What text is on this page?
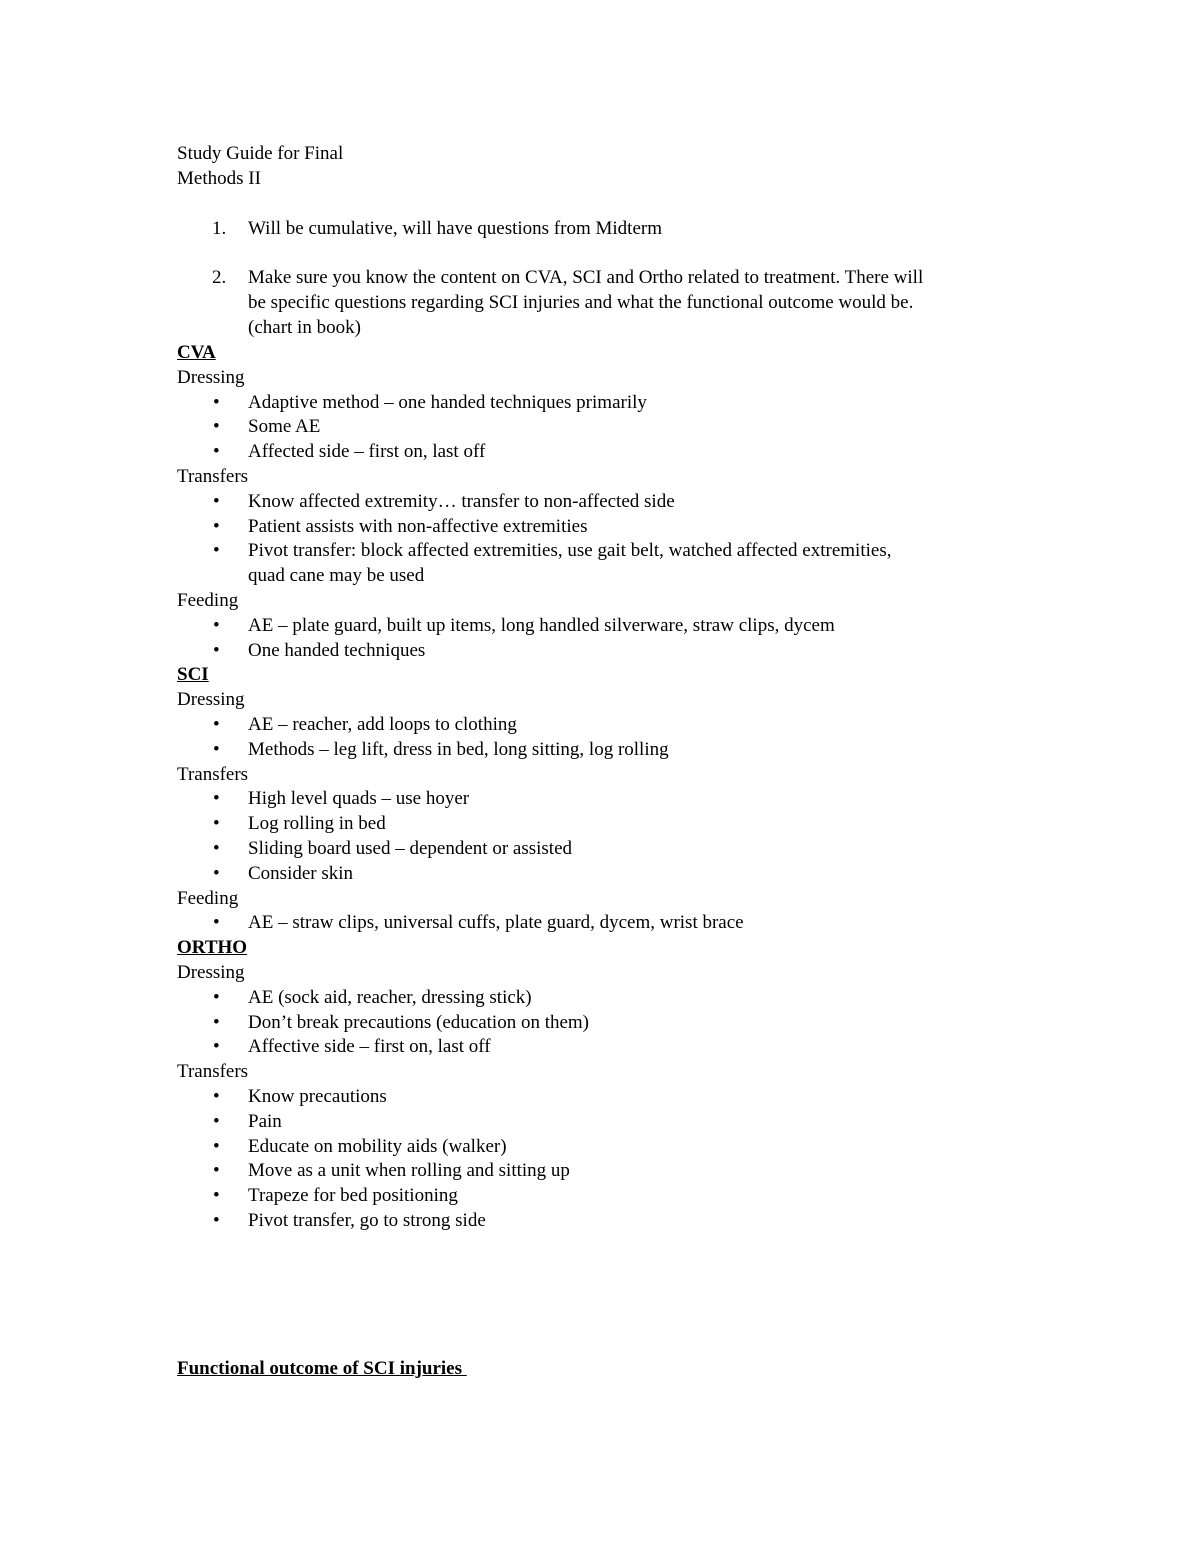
Study Guide for Final
Methods II
1.	Will be cumulative, will have questions from Midterm
2.	Make sure you know the content on CVA, SCI and Ortho related to treatment. There will
be specific questions regarding SCI injuries and what the functional outcome would be.
(chart in book)
CVA
Dressing
•	Adaptive method – one handed techniques primarily
•	Some AE
•	Affected side – first on, last off
Transfers
•	Know affected extremity… transfer to non-affected side
•	Patient assists with non-affective extremities
•	Pivot transfer: block affected extremities, use gait belt, watched affected extremities,
quad cane may be used
Feeding
•	AE – plate guard, built up items, long handled silverware, straw clips, dycem
•	One handed techniques
SCI
Dressing
•	AE – reacher, add loops to clothing
•	Methods – leg lift, dress in bed, long sitting, log rolling
Transfers
•	High level quads – use hoyer
•	Log rolling in bed
•	Sliding board used – dependent or assisted
•	Consider skin
Feeding
•	AE – straw clips, universal cuffs, plate guard, dycem, wrist brace
ORTHO
Dressing
•	AE (sock aid, reacher, dressing stick)
•	Don’t break precautions (education on them)
•	Affective side – first on, last off
Transfers
•	Know precautions
•	Pain
•	Educate on mobility aids (walker)
•	Move as a unit when rolling and sitting up
•	Trapeze for bed positioning
•	Pivot transfer, go to strong side
Functional outcome of SCI injuries
